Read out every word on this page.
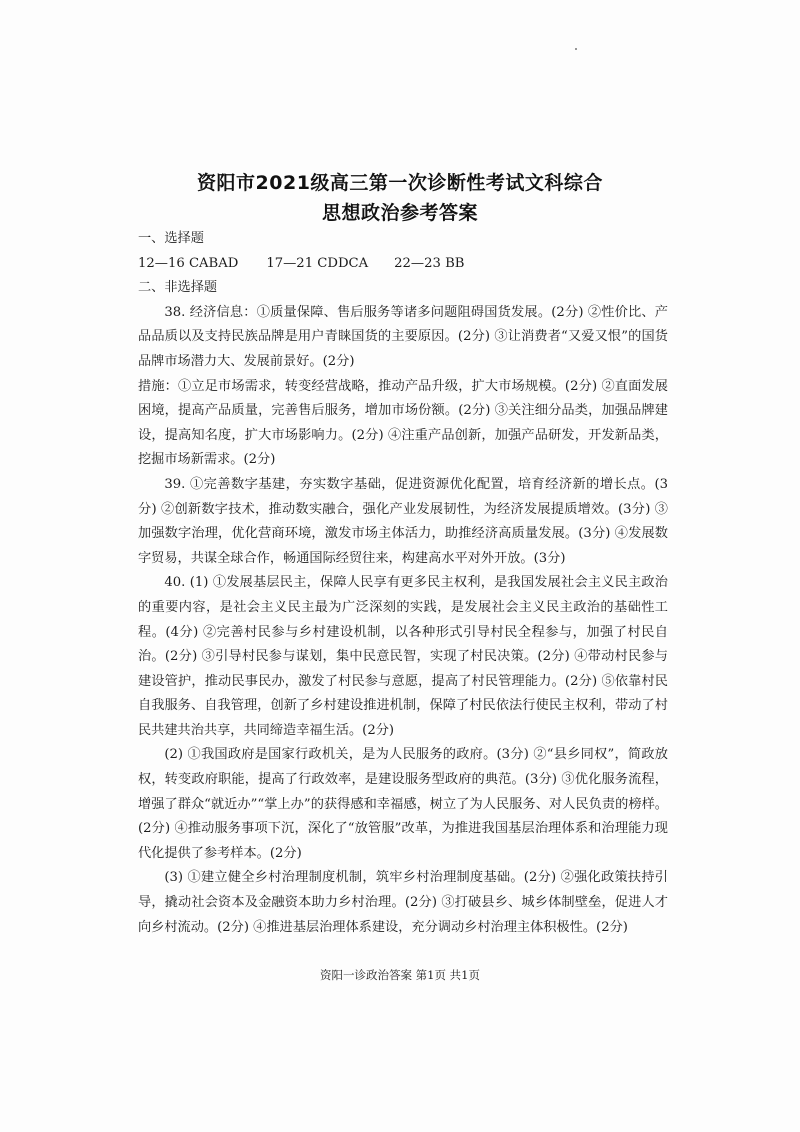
资阳市2021级高三第一次诊断性考试文科综合
思想政治参考答案

一、选择题

12—16 CABAD 17—21 CDDCA 22—23 BB

二、非选择题

38. 经济信息：①质量保障、售后服务等诸多问题阻碍国货发展。(2分) ②性价比、产品品质以及支持民族品牌是用户青睐国货的主要原因。(2分) ③让消费者“又爱又恨”的国货品牌市场潜力大、发展前景好。(2分)

措施：①立足市场需求，转变经营战略，推动产品升级，扩大市场规模。(2分) ②直面发展困境，提高产品质量，完善售后服务，增加市场份额。(2分) ③关注细分品类，加强品牌建设，提高知名度，扩大市场影响力。(2分) ④注重产品创新，加强产品研发，开发新品类，挖掘市场新需求。(2分)

39. ①完善数字基建，夯实数字基础，促进资源优化配置，培育经济新的增长点。(3分) ②创新数字技术，推动数实融合，强化产业发展韧性，为经济发展提质增效。(3分) ③加强数字治理，优化营商环境，激发市场主体活力，助推经济高质量发展。(3分) ④发展数字贸易，共谋全球合作，畅通国际经贸往来，构建高水平对外开放。(3分)

40. (1) ①发展基层民主，保障人民享有更多民主权利，是我国发展社会主义民主政治的重要内容，是社会主义民主最为广泛深刻的实践，是发展社会主义民主政治的基础性工程。(4分) ②完善村民参与乡村建设机制，以各种形式引导村民全程参与，加强了村民自治。(2分) ③引导村民参与谋划，集中民意民智，实现了村民决策。(2分) ④带动村民参与建设管护，推动民事民办，激发了村民参与意愿，提高了村民管理能力。(2分) ⑤依靠村民自我服务、自我管理，创新了乡村建设推进机制，保障了村民依法行使民主权利，带动了村民共建共治共享，共同缔造幸福生活。(2分)

(2) ①我国政府是国家行政机关，是为人民服务的政府。(3分) ②“县乡同权”，简政放权，转变政府职能，提高了行政效率，是建设服务型政府的典范。(3分) ③优化服务流程，增强了群众“就近办”“掌上办”的获得感和幸福感，树立了为人民服务、对人民负责的榜样。(2分) ④推动服务事项下沉，深化了“放管服”改革，为推进我国基层治理体系和治理能力现代化提供了参考样本。(2分)

(3) ①建立健全乡村治理制度机制，筑牢乡村治理制度基础。(2分) ②强化政策扶持引导，撬动社会资本及金融资本助力乡村治理。(2分) ③打破县乡、城乡体制壁垒，促进人才向乡村流动。(2分) ④推进基层治理体系建设，充分调动乡村治理主体积极性。(2分)

资阳一诊政治答案 第1页 共1页
